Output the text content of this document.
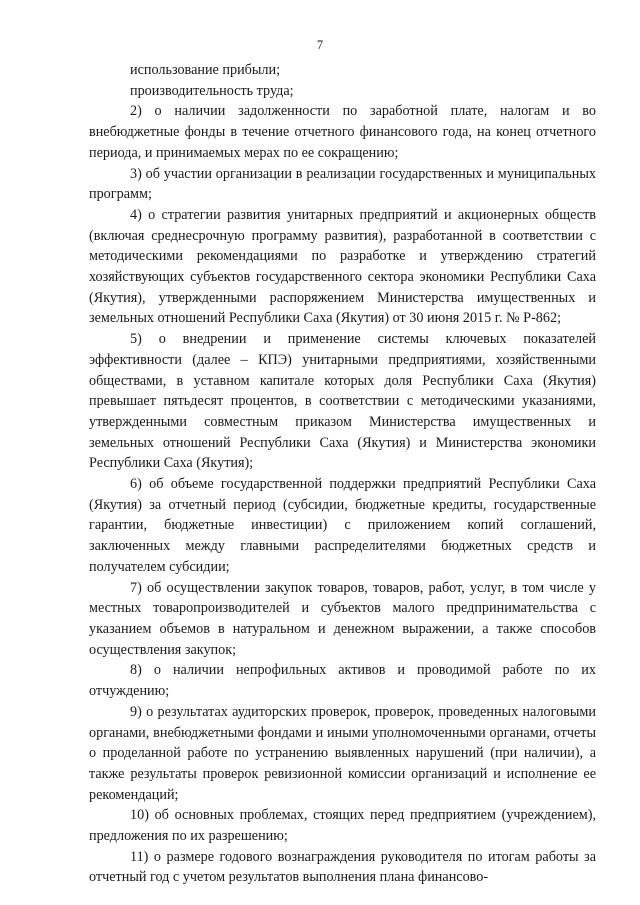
7

использование прибыли;

производительность труда;

2) о наличии задолженности по заработной плате, налогам и во внебюджетные фонды в течение отчетного финансового года, на конец отчетного периода, и принимаемых мерах по ее сокращению;

3) об участии организации в реализации государственных и муниципальных программ;

4) о стратегии развития унитарных предприятий и акционерных обществ (включая среднесрочную программу развития), разработанной в соответствии с методическими рекомендациями по разработке и утверждению стратегий хозяйствующих субъектов государственного сектора экономики Республики Саха (Якутия), утвержденными распоряжением Министерства имущественных и земельных отношений Республики Саха (Якутия) от 30 июня 2015 г. № Р-862;

5) о внедрении и применение системы ключевых показателей эффективности (далее – КПЭ) унитарными предприятиями, хозяйственными обществами, в уставном капитале которых доля Республики Саха (Якутия) превышает пятьдесят процентов, в соответствии с методическими указаниями, утвержденными совместным приказом Министерства имущественных и земельных отношений Республики Саха (Якутия) и Министерства экономики Республики Саха (Якутия);

6) об объеме государственной поддержки предприятий Республики Саха (Якутия) за отчетный период (субсидии, бюджетные кредиты, государственные гарантии, бюджетные инвестиции) с приложением копий соглашений, заключенных между главными распределителями бюджетных средств и получателем субсидии;

7) об осуществлении закупок товаров, товаров, работ, услуг, в том числе у местных товаропроизводителей и субъектов малого предпринимательства с указанием объемов в натуральном и денежном выражении, а также способов осуществления закупок;

8) о наличии непрофильных активов и проводимой работе по их отчуждению;

9) о результатах аудиторских проверок, проверок, проведенных налоговыми органами, внебюджетными фондами и иными уполномоченными органами, отчеты о проделанной работе по устранению выявленных нарушений (при наличии), а также результаты проверок ревизионной комиссии организаций и исполнение ее рекомендаций;

10) об основных проблемах, стоящих перед предприятием (учреждением), предложения по их разрешению;

11) о размере годового вознаграждения руководителя по итогам работы за отчетный год с учетом результатов выполнения плана финансово-
